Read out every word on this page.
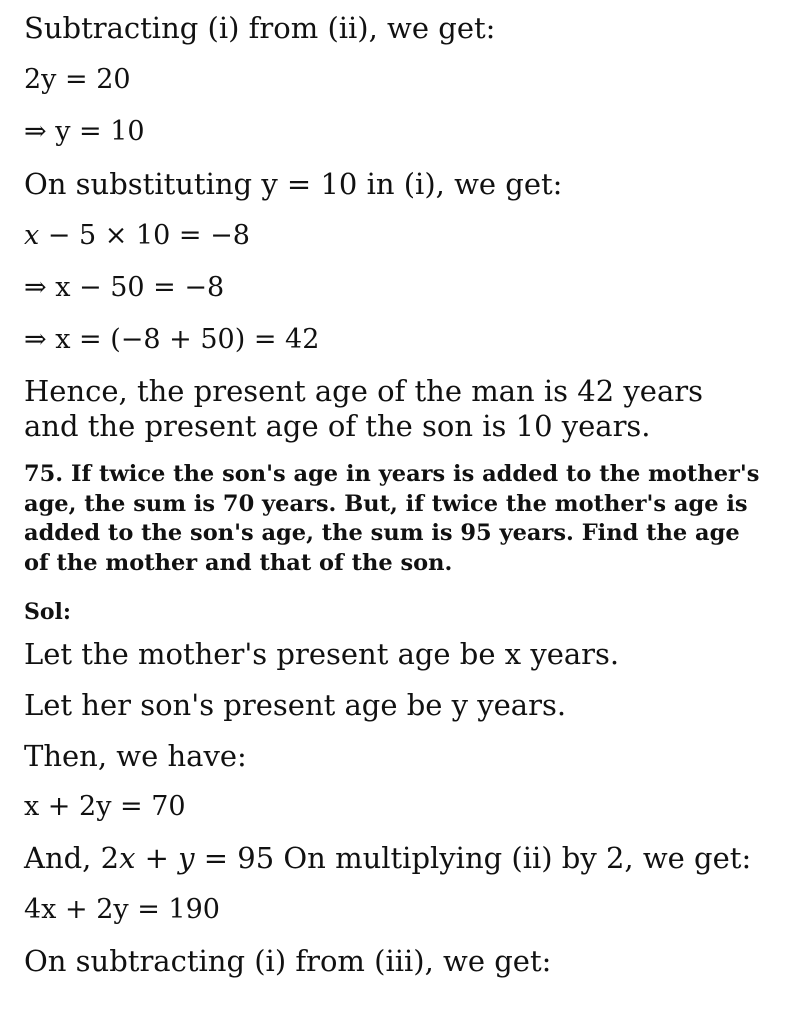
Subtracting (i) from (ii), we get:

2y = 20

⇒ y = 10

On substituting y = 10 in (i), we get:

𝑥 − 5 × 10 = −8

⇒ x − 50 = −8

⇒ x = (−8 + 50) = 42

Hence, the present age of the man is 42 years and the present age of the son is 10 years.

75. If twice the son's age in years is added to the mother's age, the sum is 70 years. But, if twice the mother's age is added to the son's age, the sum is 95 years. Find the age of the mother and that of the son.

Sol:

Let the mother's present age be x years.

Let her son's present age be y years.

Then, we have:

x + 2y = 70

And, 2𝑥 + 𝑦 = 95 On multiplying (ii) by 2, we get:

4x + 2y = 190

On subtracting (i) from (iii), we get:
